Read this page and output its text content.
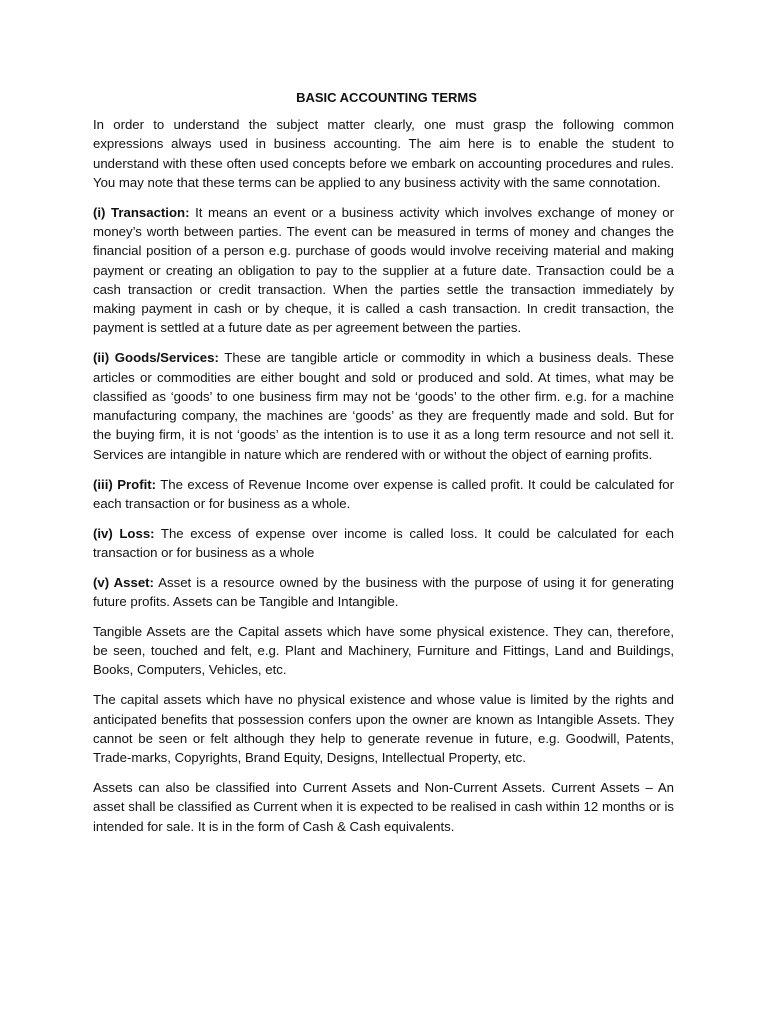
BASIC ACCOUNTING TERMS

In order to understand the subject matter clearly, one must grasp the following common expressions always used in business accounting. The aim here is to enable the student to understand with these often used concepts before we embark on accounting procedures and rules. You may note that these terms can be applied to any business activity with the same connotation.

(i) Transaction: It means an event or a business activity which involves exchange of money or money’s worth between parties. The event can be measured in terms of money and changes the financial position of a person e.g. purchase of goods would involve receiving material and making payment or creating an obligation to pay to the supplier at a future date. Transaction could be a cash transaction or credit transaction. When the parties settle the transaction immediately by making payment in cash or by cheque, it is called a cash transaction. In credit transaction, the payment is settled at a future date as per agreement between the parties.

(ii) Goods/Services: These are tangible article or commodity in which a business deals. These articles or commodities are either bought and sold or produced and sold. At times, what may be classified as ‘goods’ to one business firm may not be ‘goods’ to the other firm. e.g. for a machine manufacturing company, the machines are ‘goods’ as they are frequently made and sold. But for the buying firm, it is not ‘goods’ as the intention is to use it as a long term resource and not sell it. Services are intangible in nature which are rendered with or without the object of earning profits.

(iii) Profit: The excess of Revenue Income over expense is called profit. It could be calculated for each transaction or for business as a whole.

(iv) Loss: The excess of expense over income is called loss. It could be calculated for each transaction or for business as a whole

(v) Asset: Asset is a resource owned by the business with the purpose of using it for generating future profits. Assets can be Tangible and Intangible.

Tangible Assets are the Capital assets which have some physical existence. They can, therefore, be seen, touched and felt, e.g. Plant and Machinery, Furniture and Fittings, Land and Buildings, Books, Computers, Vehicles, etc.

The capital assets which have no physical existence and whose value is limited by the rights and anticipated benefits that possession confers upon the owner are known as Intangible Assets. They cannot be seen or felt although they help to generate revenue in future, e.g. Goodwill, Patents, Trade-marks, Copyrights, Brand Equity, Designs, Intellectual Property, etc.

Assets can also be classified into Current Assets and Non-Current Assets. Current Assets – An asset shall be classified as Current when it is expected to be realised in cash within 12 months or is intended for sale. It is in the form of Cash & Cash equivalents.
